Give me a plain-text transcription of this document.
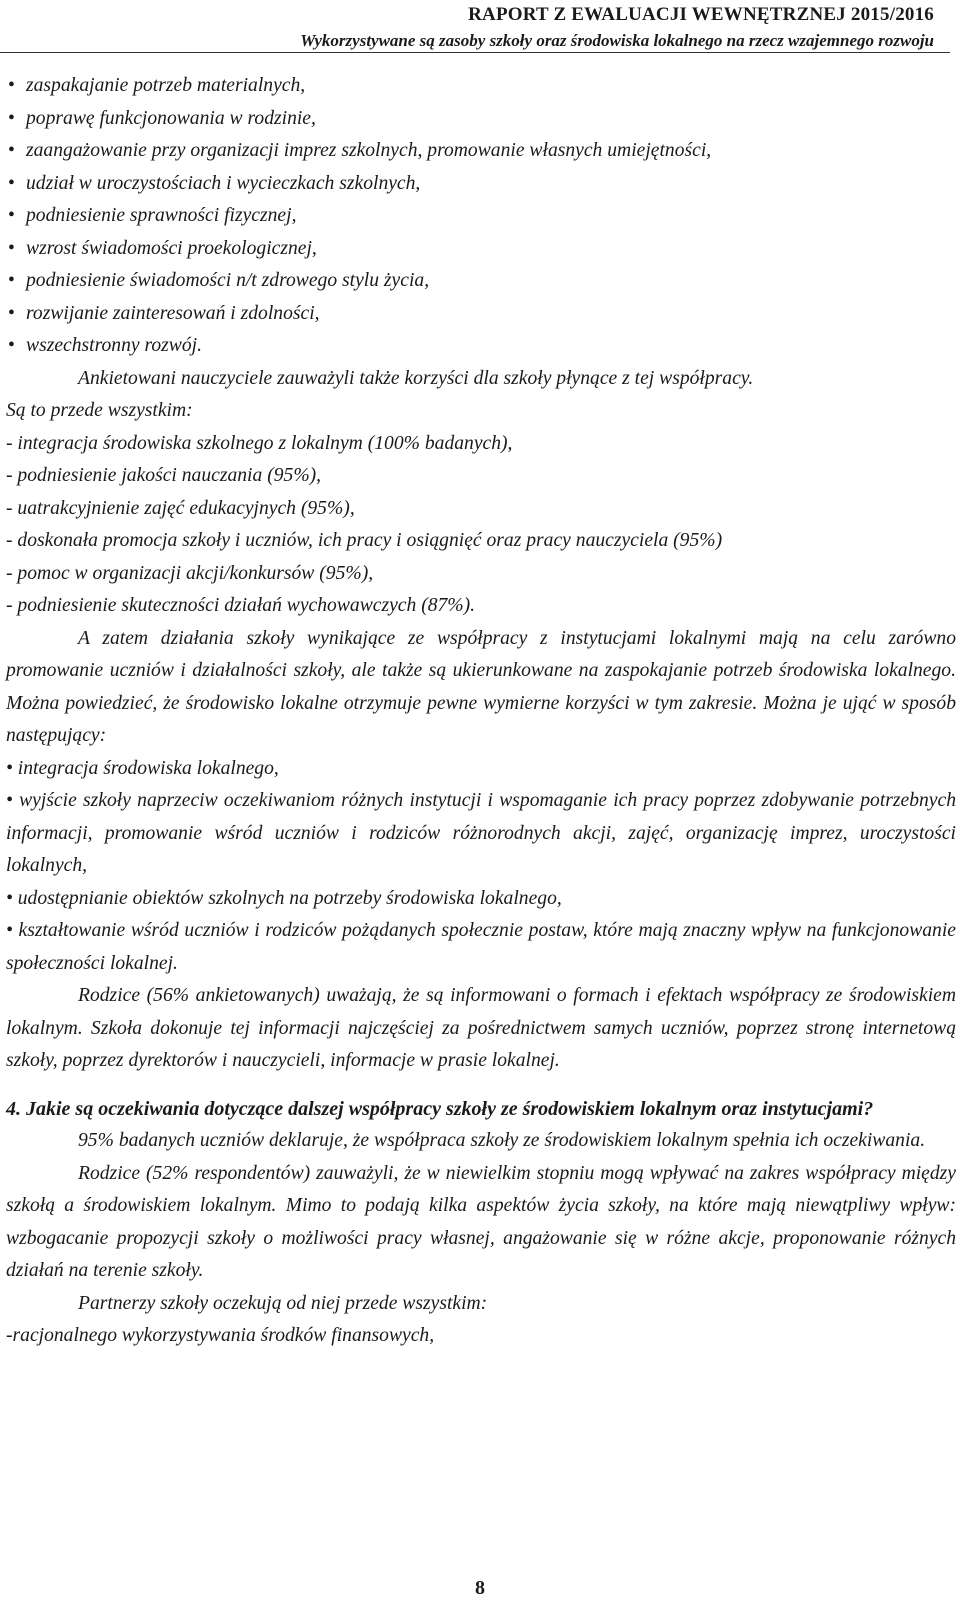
RAPORT Z EWALUACJI WEWNĘTRZNEJ 2015/2016
Wykorzystywane są zasoby szkoły oraz środowiska lokalnego na rzecz wzajemnego rozwoju
• zaspakajanie potrzeb materialnych,
• poprawę funkcjonowania w rodzinie,
• zaangażowanie przy organizacji imprez szkolnych, promowanie własnych umiejętności,
• udział w uroczystościach i wycieczkach szkolnych,
• podniesienie sprawności fizycznej,
• wzrost świadomości proekologicznej,
• podniesienie świadomości n/t zdrowego stylu życia,
• rozwijanie zainteresowań i zdolności,
• wszechstronny rozwój.

Ankietowani nauczyciele zauważyli także korzyści dla szkoły płynące z tej współpracy.

Są to przede wszystkim:

- integracja środowiska szkolnego z lokalnym (100% badanych),

- podniesienie jakości nauczania (95%),

- uatrakcyjnienie zajęć edukacyjnych (95%),

- doskonała promocja szkoły i uczniów, ich pracy i osiągnięć oraz pracy nauczyciela (95%)

- pomoc w organizacji akcji/konkursów (95%),

- podniesienie skuteczności działań wychowawczych (87%).

A zatem działania szkoły wynikające ze współpracy z instytucjami lokalnymi mają na celu zarówno promowanie uczniów i działalności szkoły, ale także są ukierunkowane na zaspokajanie potrzeb środowiska lokalnego. Można powiedzieć, że środowisko lokalne otrzymuje pewne wymierne korzyści w tym zakresie. Można je ująć w sposób następujący:

• integracja środowiska lokalnego,

• wyjście szkoły naprzeciw oczekiwaniom różnych instytucji i wspomaganie ich pracy poprzez zdobywanie potrzebnych informacji, promowanie wśród uczniów i rodziców różnorodnych akcji, zajęć, organizację imprez, uroczystości lokalnych,

• udostępnianie obiektów szkolnych na potrzeby środowiska lokalnego,

• kształtowanie wśród uczniów i rodziców pożądanych społecznie postaw, które mają znaczny wpływ na funkcjonowanie społeczności lokalnej.

Rodzice (56% ankietowanych) uważają, że są informowani o formach i efektach współpracy ze środowiskiem lokalnym. Szkoła dokonuje tej informacji najczęściej za pośrednictwem samych uczniów, poprzez stronę internetową szkoły, poprzez dyrektorów i nauczycieli, informacje w prasie lokalnej.

4. Jakie są oczekiwania dotyczące dalszej współpracy szkoły ze środowiskiem lokalnym oraz instytucjami?

95% badanych uczniów deklaruje, że współpraca szkoły ze środowiskiem lokalnym spełnia ich oczekiwania.

Rodzice (52% respondentów) zauważyli, że w niewielkim stopniu mogą wpływać na zakres współpracy między szkołą a środowiskiem lokalnym. Mimo to podają kilka aspektów życia szkoły, na które mają niewątpliwy wpływ: wzbogacanie propozycji szkoły o możliwości pracy własnej, angażowanie się w różne akcje, proponowanie różnych działań na terenie szkoły.

Partnerzy szkoły oczekują od niej przede wszystkim:

-racjonalnego wykorzystywania środków finansowych,

8
